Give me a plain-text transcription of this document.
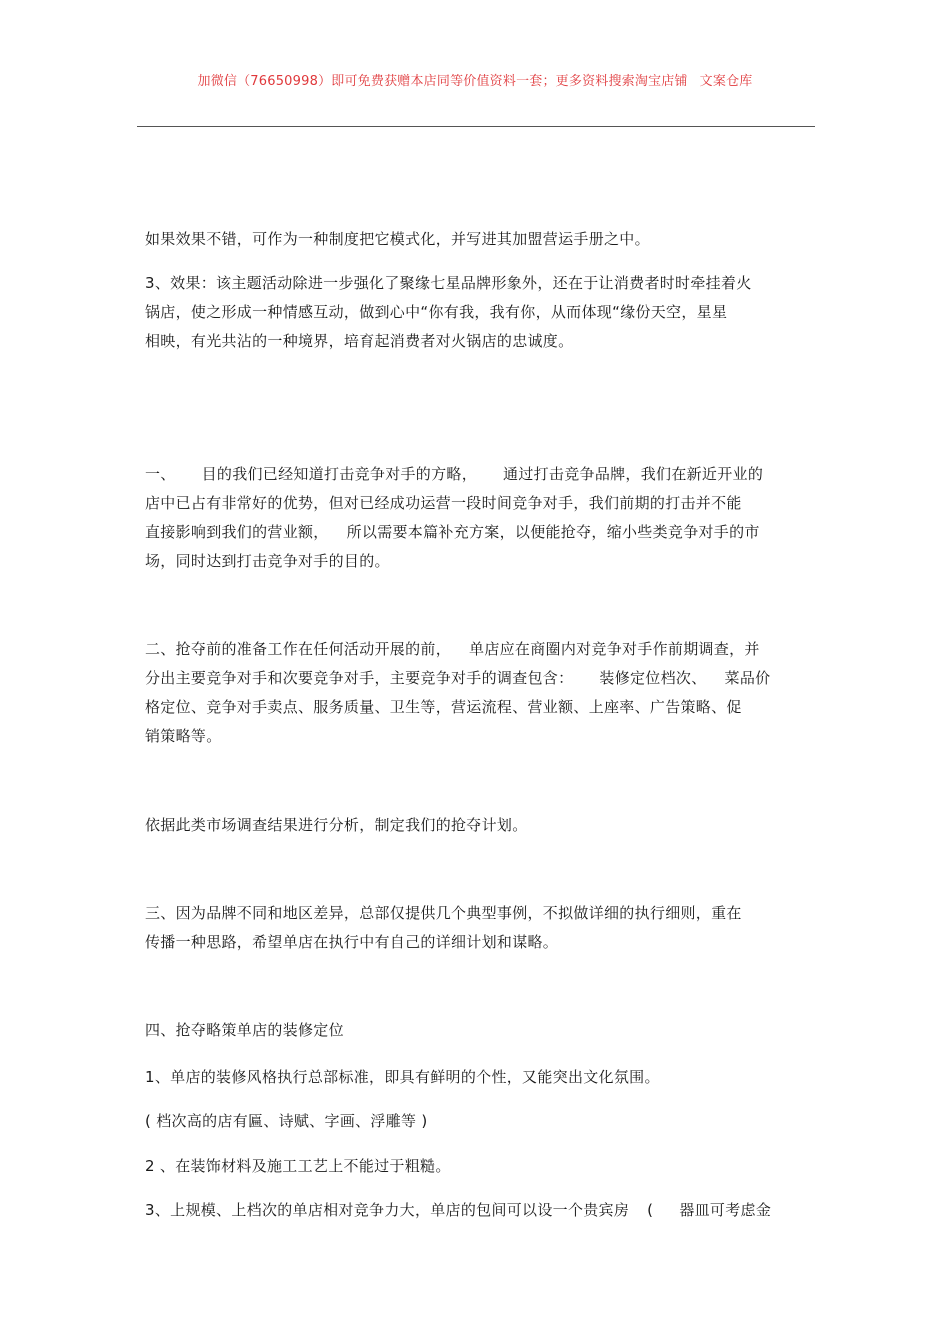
加微信（76650998）即可免费获赠本店同等价值资料一套；更多资料搜索淘宝店铺 文案仓库

如果效果不错，可作为一种制度把它模式化，并写进其加盟营运手册之中。

3、效果：该主题活动除进一步强化了聚缘七星品牌形象外，还在于让消费者时时牵挂着火
锅店，使之形成一种情感互动，做到心中“你有我，我有你，从而体现“缘份天空，星星
相映，有光共沾的一种境界，培育起消费者对火锅店的忠诚度。
一、 目的我们已经知道打击竞争对手的方略， 通过打击竞争品牌，我们在新近开业的
店中已占有非常好的优势，但对已经成功运营一段时间竞争对手，我们前期的打击并不能
直接影响到我们的营业额， 所以需要本篇补充方案，以便能抢夺，缩小些类竞争对手的市
场，同时达到打击竞争对手的目的。
二、抢夺前的准备工作在任何活动开展的前， 单店应在商圈内对竞争对手作前期调查，并
分出主要竞争对手和次要竞争对手，主要竞争对手的调查包含： 装修定位档次、 菜品价
格定位、竞争对手卖点、服务质量、卫生等，营运流程、营业额、上座率、广告策略、促
销策略等。

依据此类市场调查结果进行分析，制定我们的抢夺计划。

三、因为品牌不同和地区差异，总部仅提供几个典型事例，不拟做详细的执行细则，重在
传播一种思路，希望单店在执行中有自己的详细计划和谋略。

四、抢夺略策单店的装修定位

1、单店的装修风格执行总部标准，即具有鲜明的个性，又能突出文化氛围。

( 档次高的店有匾、诗赋、字画、浮雕等 )

2 、在装饰材料及施工工艺上不能过于粗糙。

3、上规模、上档次的单店相对竞争力大，单店的包间可以设一个贵宾房 ( 器皿可考虑金
